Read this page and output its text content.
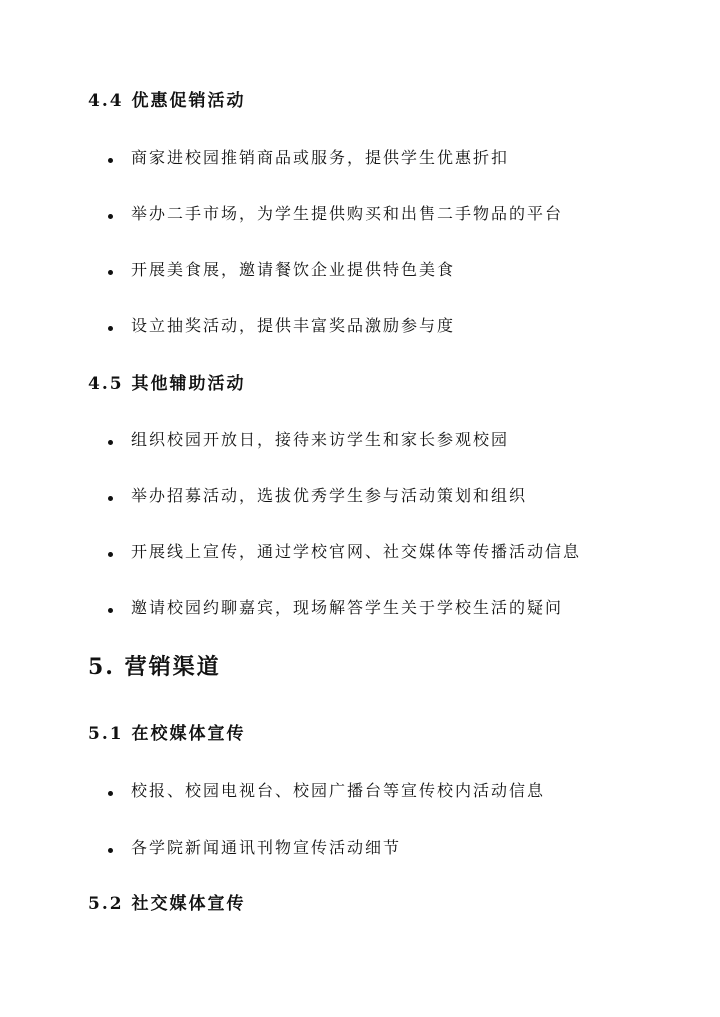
4.4 优惠促销活动
商家进校园推销商品或服务，提供学生优惠折扣
举办二手市场，为学生提供购买和出售二手物品的平台
开展美食展，邀请餐饮企业提供特色美食
设立抽奖活动，提供丰富奖品激励参与度
4.5 其他辅助活动
组织校园开放日，接待来访学生和家长参观校园
举办招募活动，选拔优秀学生参与活动策划和组织
开展线上宣传，通过学校官网、社交媒体等传播活动信息
邀请校园约聊嘉宾，现场解答学生关于学校生活的疑问
5. 营销渠道
5.1 在校媒体宣传
校报、校园电视台、校园广播台等宣传校内活动信息
各学院新闻通讯刊物宣传活动细节
5.2 社交媒体宣传
